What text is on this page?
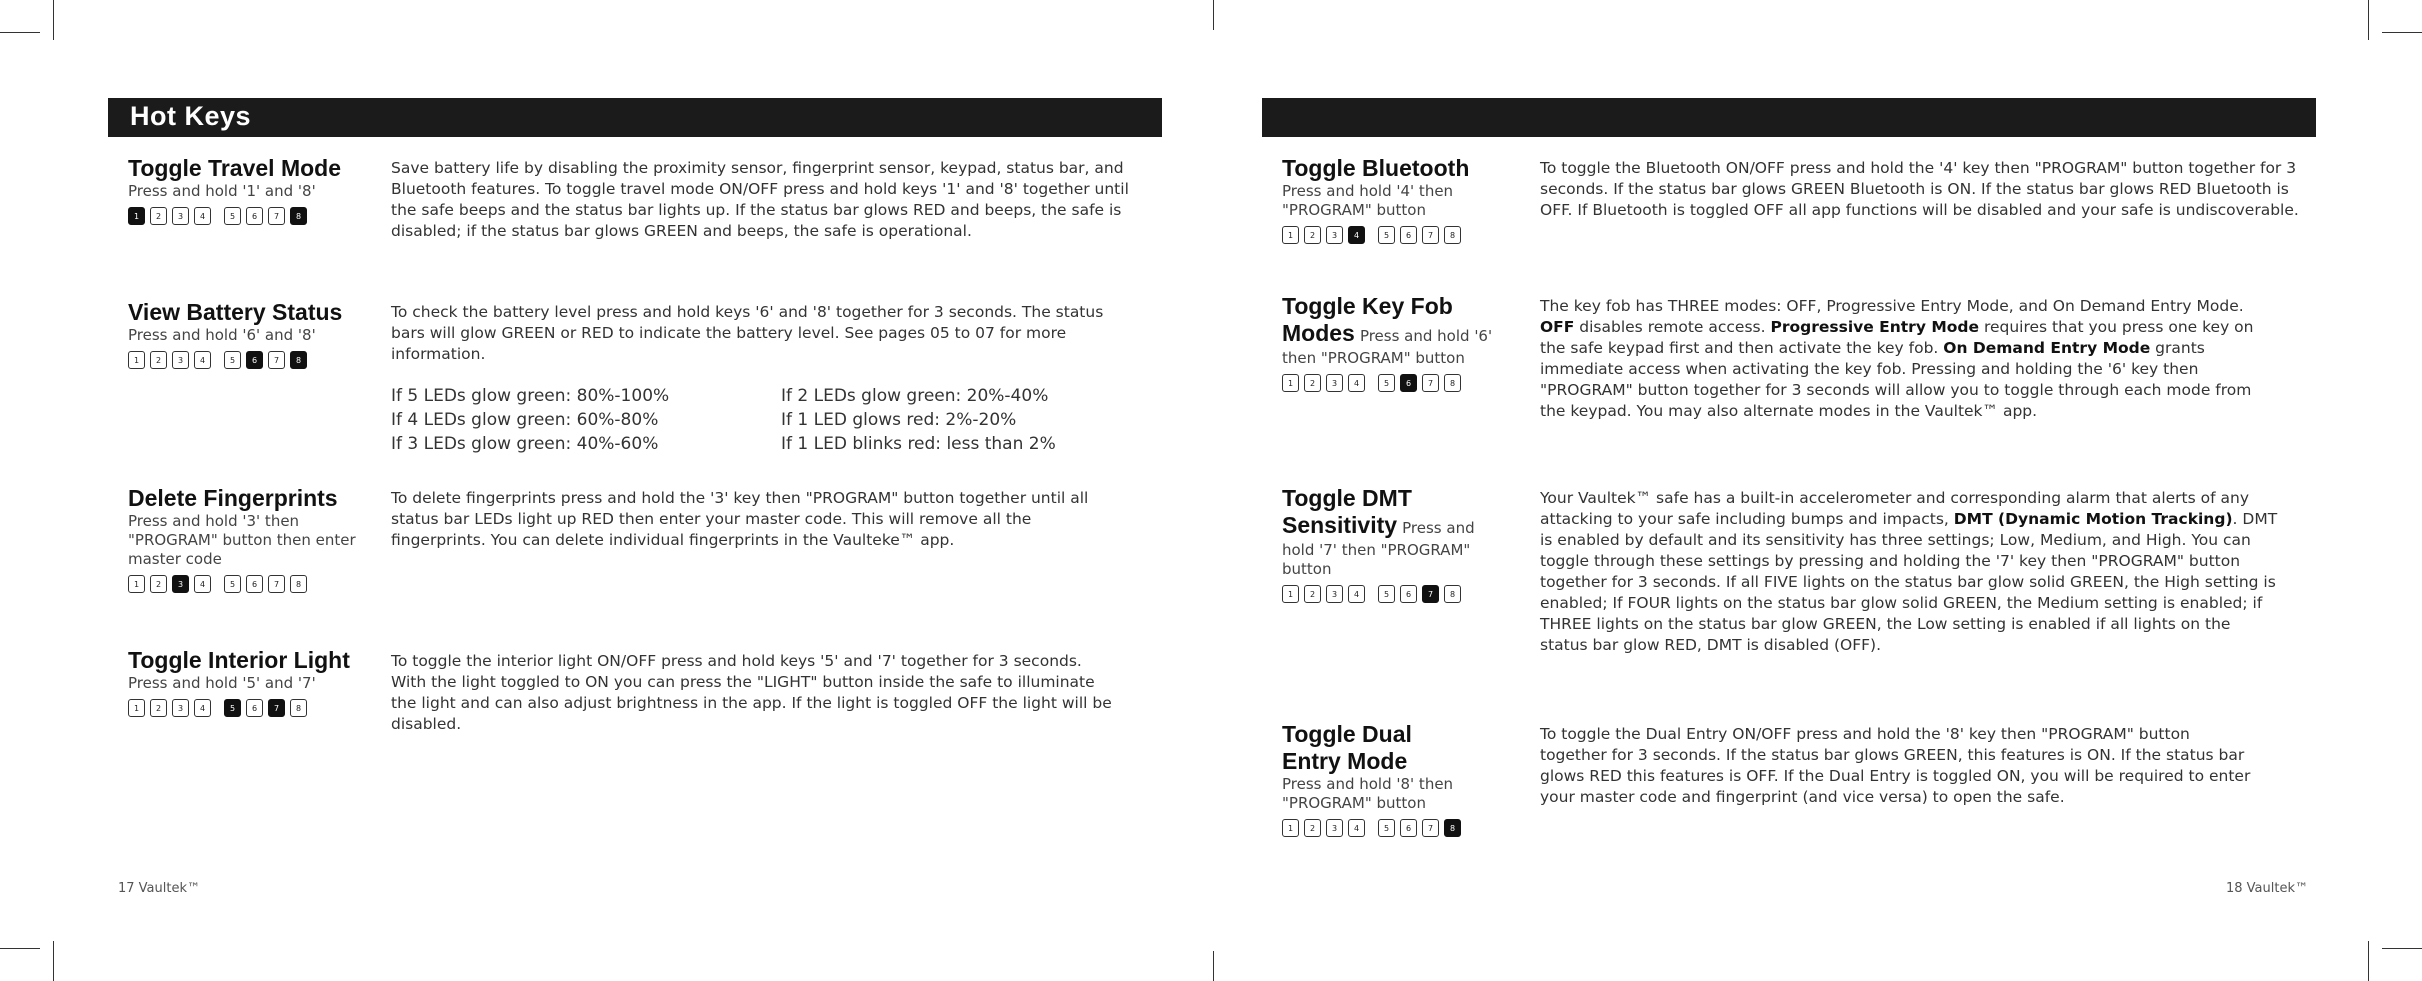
Hot Keys
Toggle Travel Mode
Press and hold '1' and '8'
1	2	3	4	5	6	7	8
Save battery life by disabling the proximity sensor, fingerprint sensor, keypad, status bar, and Bluetooth features. To toggle travel mode ON/OFF press and hold keys '1' and '8' together until the safe beeps and the status bar lights up. If the status bar glows RED and beeps, the safe is disabled; if the status bar glows GREEN and beeps, the safe is operational.
View Battery Status
Press and hold '6' and '8'
1	2	3	4	5	6	7	8
To check the battery level press and hold keys '6' and '8' together for 3 seconds. The status bars will glow GREEN or RED to indicate the battery level. See pages 05 to 07 for more information.
If 5 LEDs glow green: 80%-100%	If 2 LEDs glow green: 20%-40%
If 4 LEDs glow green: 60%-80%	If 1 LED glows red: 2%-20%
If 3 LEDs glow green: 40%-60%	If 1 LED blinks red: less than 2%
Delete Fingerprints
Press and hold '3' then "PROGRAM" button then enter master code
1	2	3	4	5	6	7	8
To delete fingerprints press and hold the '3' key then "PROGRAM" button together until all status bar LEDs light up RED then enter your master code. This will remove all the fingerprints. You can delete individual fingerprints in the Vaulteke™ app.
Toggle Interior Light
Press and hold '5' and '7'
1	2	3	4	5	6	7	8
To toggle the interior light ON/OFF press and hold keys '5' and '7' together for 3 seconds. With the light toggled to ON you can press the "LIGHT" button inside the safe to illuminate the light and can also adjust brightness in the app. If the light is toggled OFF the light will be disabled.
17 Vaultek™
Toggle Bluetooth
Press and hold '4' then "PROGRAM" button
1	2	3	4	5	6	7	8
To toggle the Bluetooth ON/OFF press and hold the '4' key then "PROGRAM" button together for 3 seconds. If the status bar glows GREEN Bluetooth is ON. If the status bar glows RED Bluetooth is OFF. If Bluetooth is toggled OFF all app functions will be disabled and your safe is undiscoverable.
Toggle Key Fob
Modes Press and hold '6'
then "PROGRAM" button
1	2	3	4	5	6	7	8
The key fob has THREE modes: OFF, Progressive Entry Mode, and On Demand Entry Mode. OFF disables remote access. Progressive Entry Mode requires that you press one key on the safe keypad first and then activate the key fob. On Demand Entry Mode grants immediate access when activating the key fob. Pressing and holding the '6' key then "PROGRAM" button together for 3 seconds will allow you to toggle through each mode from the keypad. You may also alternate modes in the Vaultek™ app.
Toggle DMT
Sensitivity Press and
hold '7' then "PROGRAM" button
1	2	3	4	5	6	7	8
Your Vaultek™ safe has a built-in accelerometer and corresponding alarm that alerts of any attacking to your safe including bumps and impacts, DMT (Dynamic Motion Tracking). DMT is enabled by default and its sensitivity has three settings; Low, Medium, and High. You can toggle through these settings by pressing and holding the '7' key then "PROGRAM" button together for 3 seconds. If all FIVE lights on the status bar glow solid GREEN, the High setting is enabled; If FOUR lights on the status bar glow solid GREEN, the Medium setting is enabled; if THREE lights on the status bar glow GREEN, the Low setting is enabled if all lights on the status bar glow RED, DMT is disabled (OFF).
Toggle Dual
Entry Mode
Press and hold '8' then "PROGRAM" button
1	2	3	4	5	6	7	8
To toggle the Dual Entry ON/OFF press and hold the '8' key then "PROGRAM" button together for 3 seconds. If the status bar glows GREEN, this features is ON. If the status bar glows RED this features is OFF. If the Dual Entry is toggled ON, you will be required to enter your master code and fingerprint (and vice versa) to open the safe.
18 Vaultek™
